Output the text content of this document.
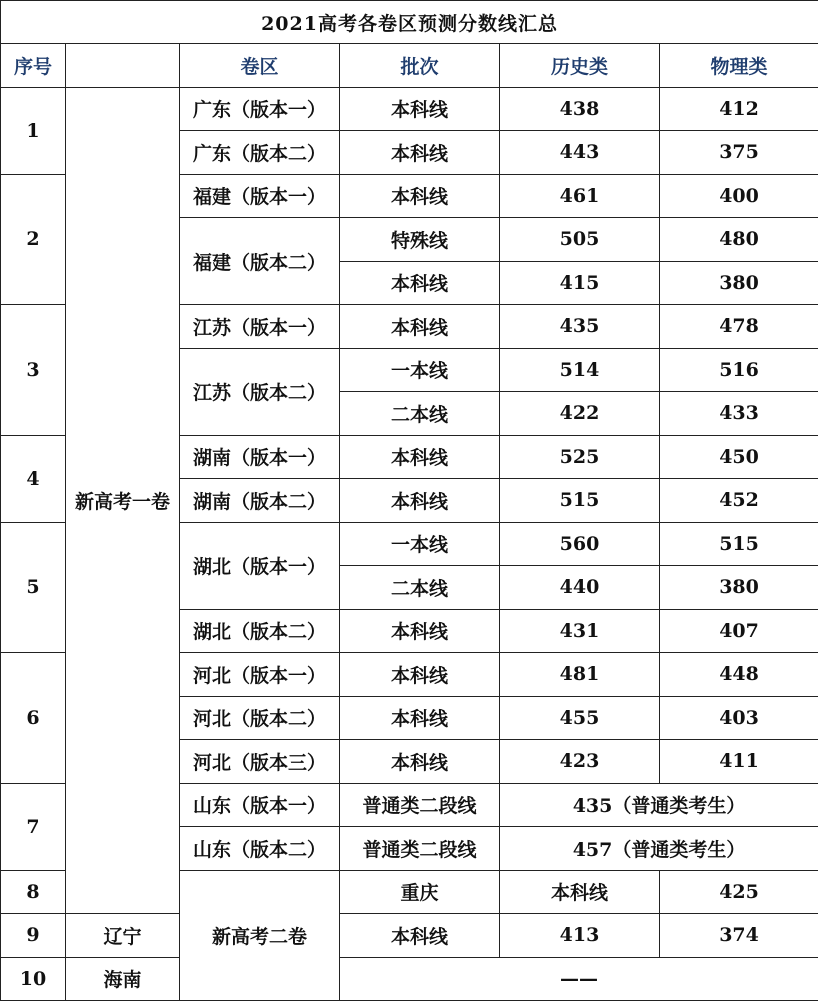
2021高考各卷区预测分数线汇总						
序号		卷区	批次	历史类	物理类	
1	新高考一卷	广东（版本一）	本科线	438	412	
		广东（版本二）	本科线	443	375	
2		福建（版本一）	本科线	461	400	
		福建（版本二）	特殊线	505	480	
			本科线	415	380	
3		江苏（版本一）	本科线	435	478	
		江苏（版本二）	一本线	514	516	
			二本线	422	433	
4		湖南（版本一）	本科线	525	450	
		湖南（版本二）	本科线	515	452	
5		湖北（版本一）	一本线	560	515	
			二本线	440	380	
		湖北（版本二）	本科线	431	407	
6		河北（版本一）	本科线	481	448	
		河北（版本二）	本科线	455	403	
		河北（版本三）	本科线	423	411	
7		山东（版本一）	普通类二段线	435（普通类考生）		
		山东（版本二）	普通类二段线	457（普通类考生）		
8		新高考二卷	重庆	本科线	425	
9	辽宁		本科线	413	374	
10	海南		——			
